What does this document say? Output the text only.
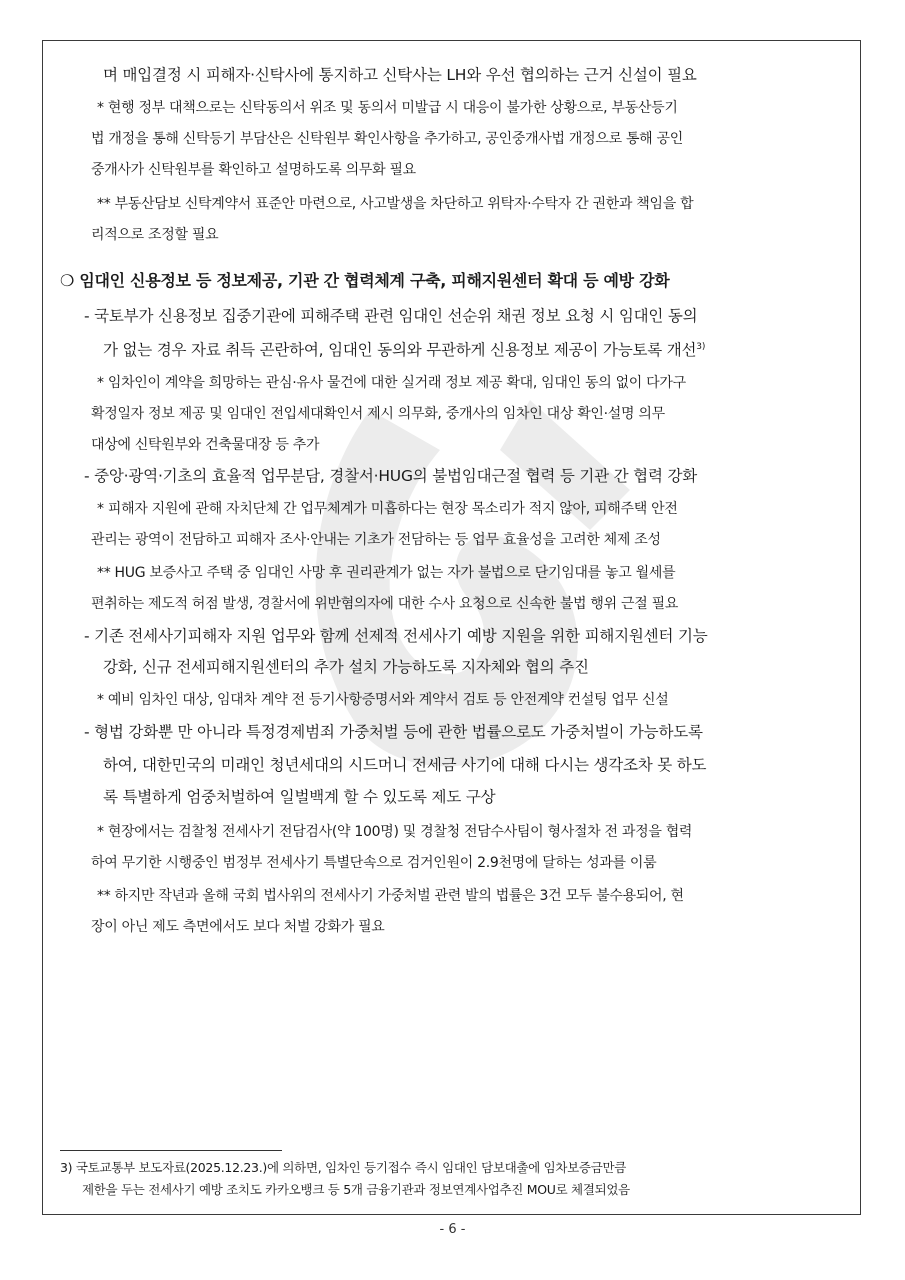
며 매입결정 시 피해자·신탁사에 통지하고 신탁사는 LH와 우선 협의하는 근거 신설이 필요
* 현행 정부 대책으로는 신탁동의서 위조 및 동의서 미발급 시 대응이 불가한 상황으로, 부동산등기
법 개정을 통해 신탁등기 부담산은 신탁원부 확인사항을 추가하고, 공인중개사법 개정으로 통해 공인
중개사가 신탁원부를 확인하고 설명하도록 의무화 필요
** 부동산담보 신탁계약서 표준안 마련으로, 사고발생을 차단하고 위탁자·수탁자 간 권한과 책임을 합
리적으로 조정할 필요
❍ 임대인 신용정보 등 정보제공, 기관 간 협력체계 구축, 피해지원센터 확대 등 예방 강화
- 국토부가 신용정보 집중기관에 피해주택 관련 임대인 선순위 채권 정보 요청 시 임대인 동의
가 없는 경우 자료 취득 곤란하여, 임대인 동의와 무관하게 신용정보 제공이 가능토록 개선$^{3)}$
* 임차인이 계약을 희망하는 관심·유사 물건에 대한 실거래 정보 제공 확대, 임대인 동의 없이 다가구
확정일자 정보 제공 및 임대인 전입세대확인서 제시 의무화, 중개사의 임차인 대상 확인·설명 의무
대상에 신탁원부와 건축물대장 등 추가
- 중앙·광역·기초의 효율적 업무분담, 경찰서·HUG의 불법임대근절 협력 등 기관 간 협력 강화
* 피해자 지원에 관해 자치단체 간 업무체계가 미흡하다는 현장 목소리가 적지 않아, 피해주택 안전
관리는 광역이 전담하고 피해자 조사·안내는 기초가 전담하는 등 업무 효율성을 고려한 체제 조성
** HUG 보증사고 주택 중 임대인 사망 후 권리관계가 없는 자가 불법으로 단기임대를 놓고 월세를
편취하는 제도적 허점 발생, 경찰서에 위반혐의자에 대한 수사 요청으로 신속한 불법 행위 근절 필요
- 기존 전세사기피해자 지원 업무와 함께 선제적 전세사기 예방 지원을 위한 피해지원센터 기능
강화, 신규 전세피해지원센터의 추가 설치 가능하도록 지자체와 협의 추진
* 예비 임차인 대상, 임대차 계약 전 등기사항증명서와 계약서 검토 등 안전계약 컨설팅 업무 신설
- 형법 강화뿐 만 아니라 특정경제범죄 가중처벌 등에 관한 법률으로도 가중처벌이 가능하도록
하여, 대한민국의 미래인 청년세대의 시드머니 전세금 사기에 대해 다시는 생각조차 못 하도
록 특별하게 엄중처벌하여 일벌백계 할 수 있도록 제도 구상
* 현장에서는 검찰청 전세사기 전담검사(약 100명) 및 경찰청 전담수사팀이 형사절차 전 과정을 협력
하여 무기한 시행중인 범정부 전세사기 특별단속으로 검거인원이 2.9천명에 달하는 성과를 이룸
** 하지만 작년과 올해 국회 법사위의 전세사기 가중처벌 관련 발의 법률은 3건 모두 불수용되어, 현
장이 아닌 제도 측면에서도 보다 처벌 강화가 필요
3) 국토교통부 보도자료(2025.12.23.)에 의하면, 임차인 등기접수 즉시 임대인 담보대출에 임차보증금만큼
제한을 두는 전세사기 예방 조치도 카카오뱅크 등 5개 금융기관과 정보연계사업추진 MOU로 체결되었음
- 6 -
